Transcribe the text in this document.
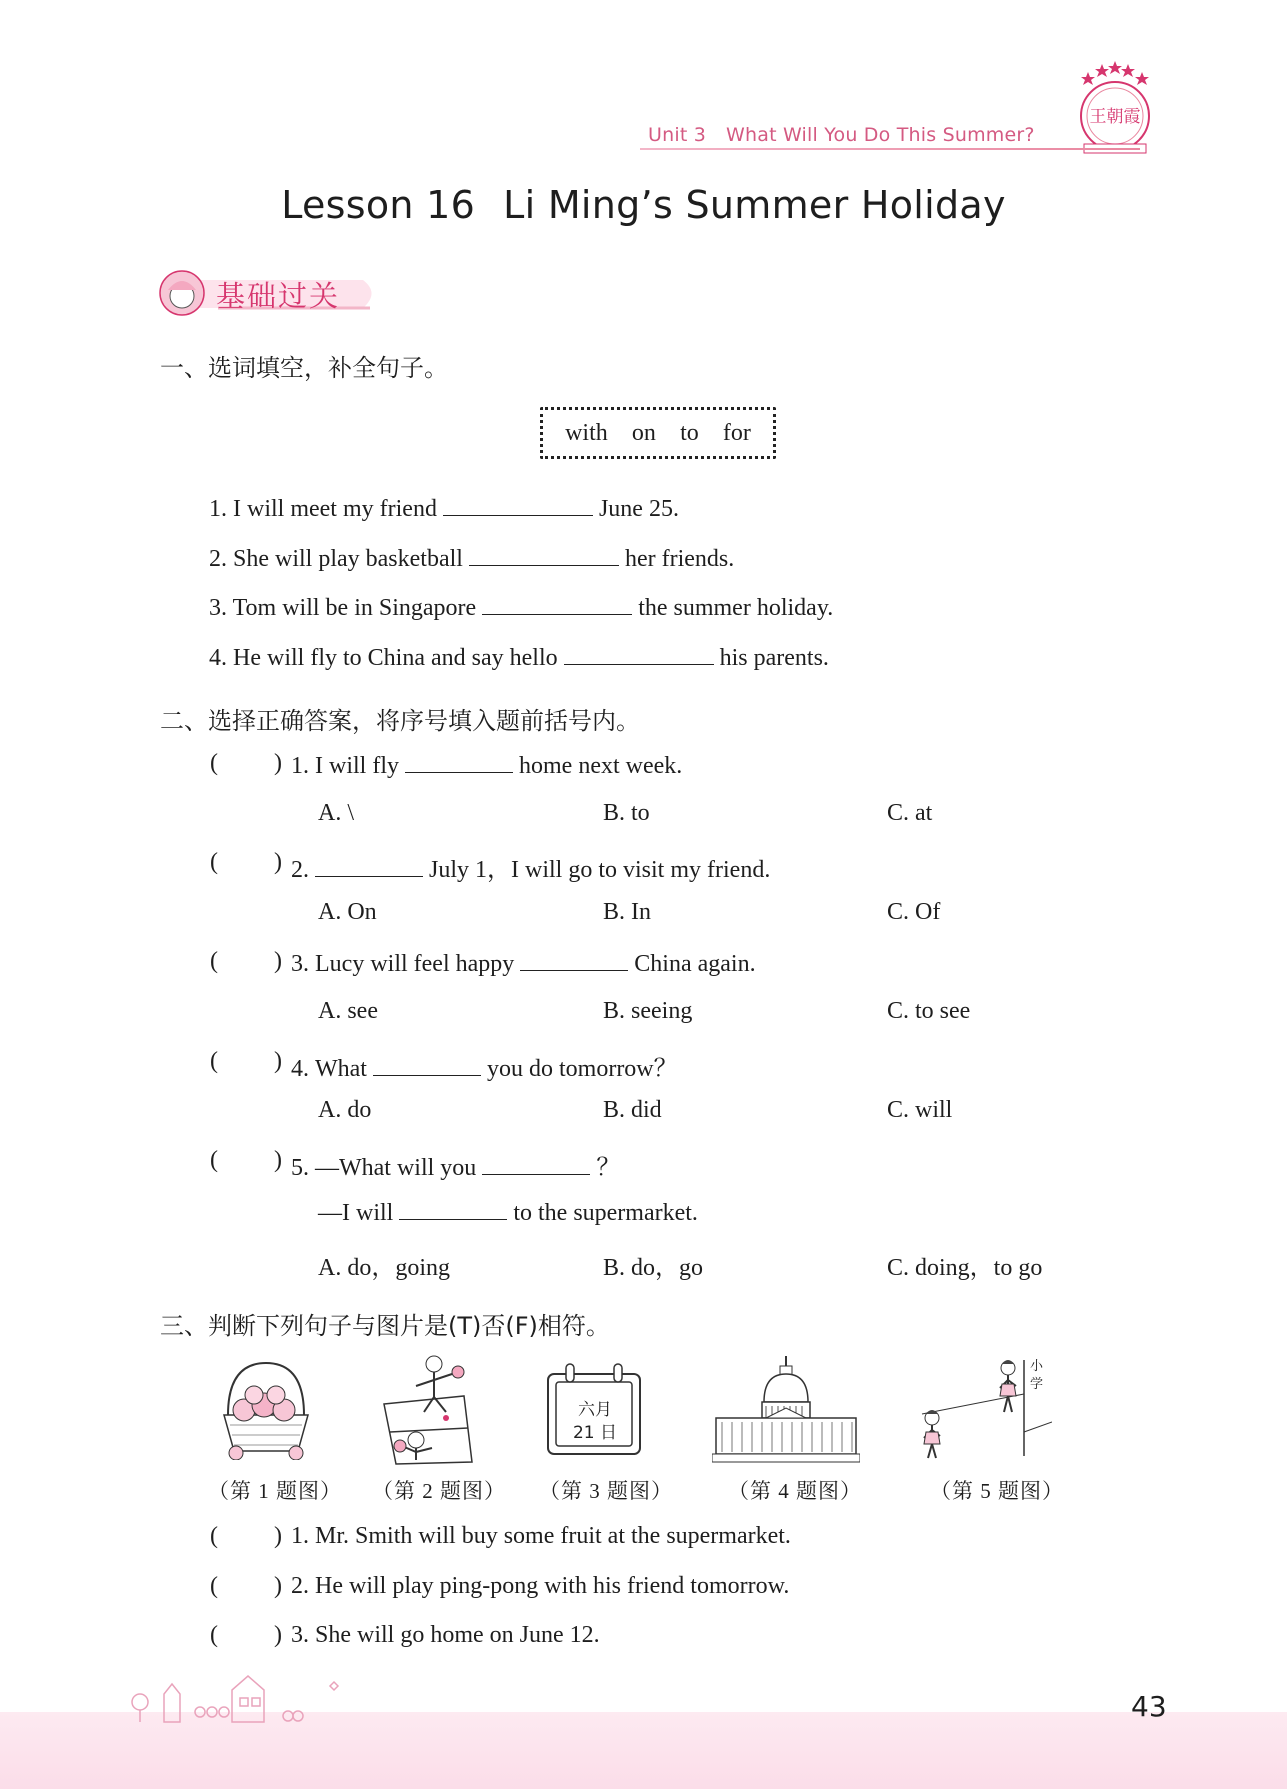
王朝霞
Unit 3 What Will You Do This Summer?
Lesson 16 Li Ming’s Summer Holiday
基础过关
一、选词填空，补全句子。
with on to for
1. I will meet my friend	June 25.
2. She will play basketball	her friends.
3. Tom will be in Singapore	the summer holiday.
4. He will fly to China and say hello	his parents.
二、选择正确答案，将序号填入题前括号内。
( ) 1. I will fly	home next week.
A. \	B. to	C. at
( ) 2.	July 1，I will go to visit my friend.
A. On	B. In	C. Of
( ) 3. Lucy will feel happy	China again.
A. see	B. seeing	C. to see
( ) 4. What	you do tomorrow？
A. do	B. did	C. will
( ) 5. —What will you	？
—I will	to the supermarket.
A. do，going	B. do，go	C. doing，to go
三、判断下列句子与图片是(T)否(F)相符。
六月
21 日
小学
（第 1 题图） （第 2 题图） （第 3 题图）	（第 4 题图）	（第 5 题图）
( ) 1. Mr. Smith will buy some fruit at the supermarket.
( ) 2. He will play ping-pong with his friend tomorrow.
( ) 3. She will go home on June 12.
43
